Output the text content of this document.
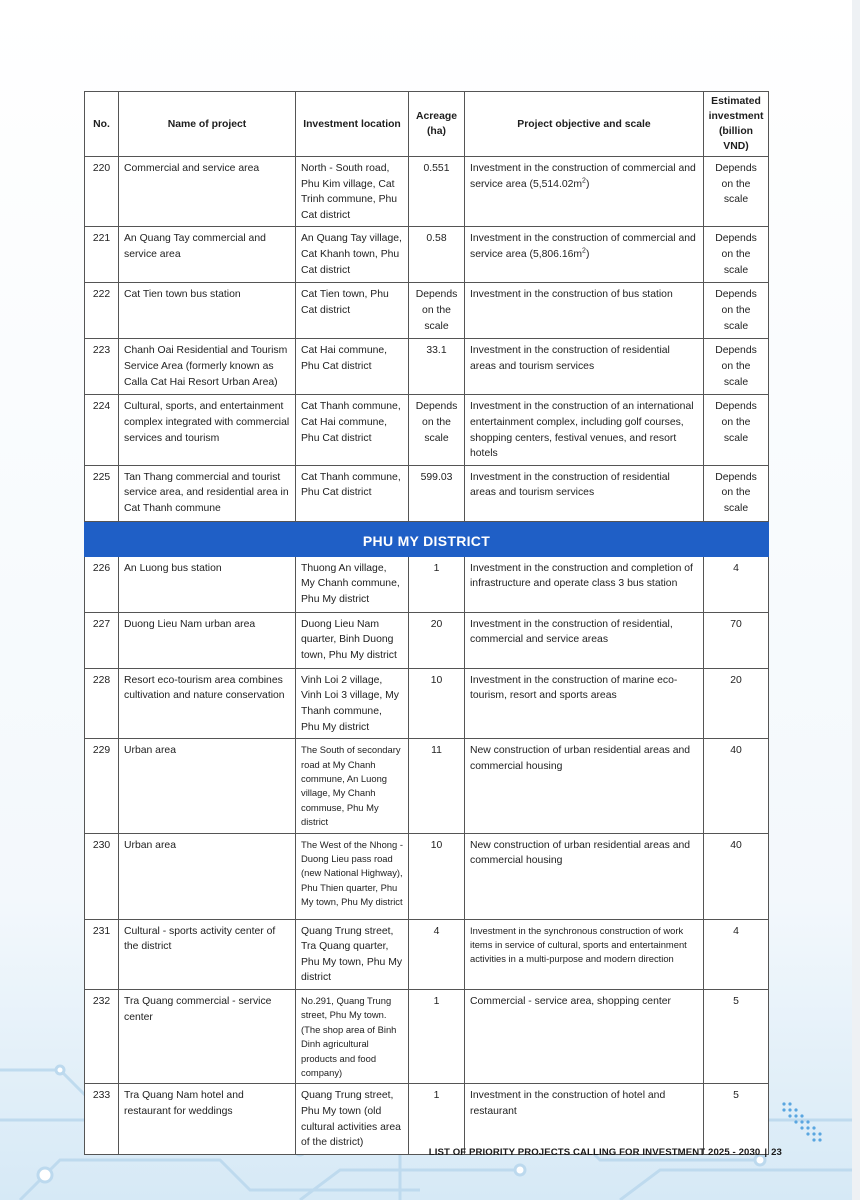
No.	Name of project	Investment location	Acreage (ha)	Project objective and scale	Estimated investment (billion VND)
220	Commercial and service area	North - South road, Phu Kim village, Cat Trinh commune, Phu Cat district	0.551	Investment in the construction of commercial and service area $(5,514.02m^2)$	Depends on the scale
221	An Quang Tay commercial and service area	An Quang Tay village, Cat Khanh town, Phu Cat district	0.58	Investment in the construction of commercial and service area $(5,806.16m^2)$	Depends on the scale
222	Cat Tien town bus station	Cat Tien town, Phu Cat district	Depends on the scale	Investment in the construction of bus station	Depends on the scale
223	Chanh Oai Residential and Tourism Service Area (formerly known as Calla Cat Hai Resort Urban Area)	Cat Hai commune, Phu Cat district	33.1	Investment in the construction of residential areas and tourism services	Depends on the scale
224	Cultural, sports, and entertainment complex integrated with commercial services and tourism	Cat Thanh commune, Cat Hai commune, Phu Cat district	Depends on the scale	Investment in the construction of an international entertainment complex, including golf courses, shopping centers, festival venues, and resort hotels	Depends on the scale
225	Tan Thang commercial and tourist service area, and residential area in Cat Thanh commune	Cat Thanh commune, Phu Cat district	599.03	Investment in the construction of residential areas and tourism services	Depends on the scale
PHU MY DISTRICT					
226	An Luong bus station	Thuong An village, My Chanh commune, Phu My district	1	Investment in the construction and completion of infrastructure and operate class 3 bus station	4
227	Duong Lieu Nam urban area	Duong Lieu Nam quarter, Binh Duong town, Phu My district	20	Investment in the construction of residential, commercial and service areas	70
228	Resort eco-tourism area combines cultivation and nature conservation	Vinh Loi 2 village, Vinh Loi 3 village, My Thanh commune, Phu My district	10	Investment in the construction of marine eco-tourism, resort and sports areas	20
229	Urban area	The South of secondary road at My Chanh commune, An Luong village, My Chanh commuse, Phu My district	11	New construction of urban residential areas and commercial housing	40
230	Urban area	The West of the Nhong - Duong Lieu pass road (new National Highway), Phu Thien quarter, Phu My town, Phu My district	10	New construction of urban residential areas and commercial housing	40
231	Cultural - sports activity center of the district	Quang Trung street, Tra Quang quarter, Phu My town, Phu My district	4	Investment in the synchronous construction of work items in service of cultural, sports and entertainment activities in a multi-purpose and modern direction	4
232	Tra Quang commercial - service center	No.291, Quang Trung street, Phu My town. (The shop area of Binh Dinh agricultural products and food company)	1	Commercial - service area, shopping center	5
233	Tra Quang Nam hotel and restaurant for weddings	Quang Trung street, Phu My town (old cultural activities area of the district)	1	Investment in the construction of hotel and restaurant	5
LIST OF PRIORITY PROJECTS CALLING FOR INVESTMENT 2025 - 2030 | 23
